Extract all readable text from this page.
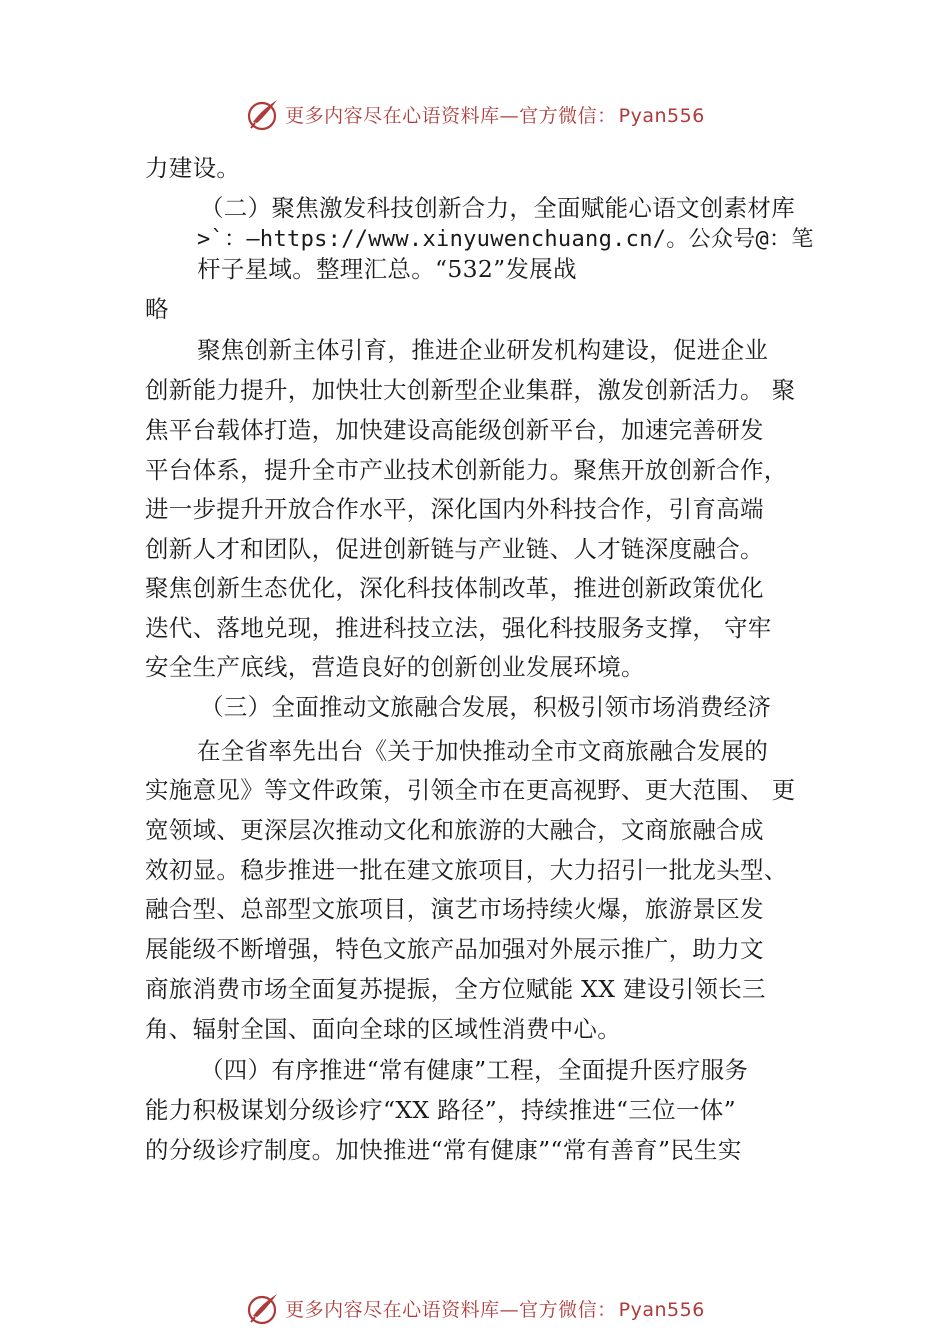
更多内容尽在心语资料库—官方微信： Pyan556
力建设。
（二）聚焦激发科技创新合力，全面赋能心语文创素材库
>`：—https://www.xinyuwenchuang.cn/。公众号@：笔
杆子星域。整理汇总。“532”发展战
略
聚焦创新主体引育，推进企业研发机构建设，促进企业
创新能力提升，加快壮大创新型企业集群，激发创新活力。 聚
焦平台载体打造，加快建设高能级创新平台，加速完善研发
平台体系，提升全市产业技术创新能力。聚焦开放创新合作，
进一步提升开放合作水平，深化国内外科技合作，引育高端
创新人才和团队，促进创新链与产业链、人才链深度融合。
聚焦创新生态优化，深化科技体制改革，推进创新政策优化
迭代、落地兑现，推进科技立法，强化科技服务支撑， 守牢
安全生产底线，营造良好的创新创业发展环境。
（三）全面推动文旅融合发展，积极引领市场消费经济
在全省率先出台《关于加快推动全市文商旅融合发展的
实施意见》等文件政策，引领全市在更高视野、更大范围、 更
宽领域、更深层次推动文化和旅游的大融合，文商旅融合成
效初显。稳步推进一批在建文旅项目，大力招引一批龙头型、
融合型、总部型文旅项目，演艺市场持续火爆，旅游景区发
展能级不断增强，特色文旅产品加强对外展示推广，助力文
商旅消费市场全面复苏提振，全方位赋能 XX 建设引领长三
角、辐射全国、面向全球的区域性消费中心。
（四）有序推进“常有健康”工程，全面提升医疗服务
能力积极谋划分级诊疗“XX 路径”，持续推进“三位一体”
的分级诊疗制度。加快推进“常有健康”“常有善育”民生实
更多内容尽在心语资料库—官方微信： Pyan556
